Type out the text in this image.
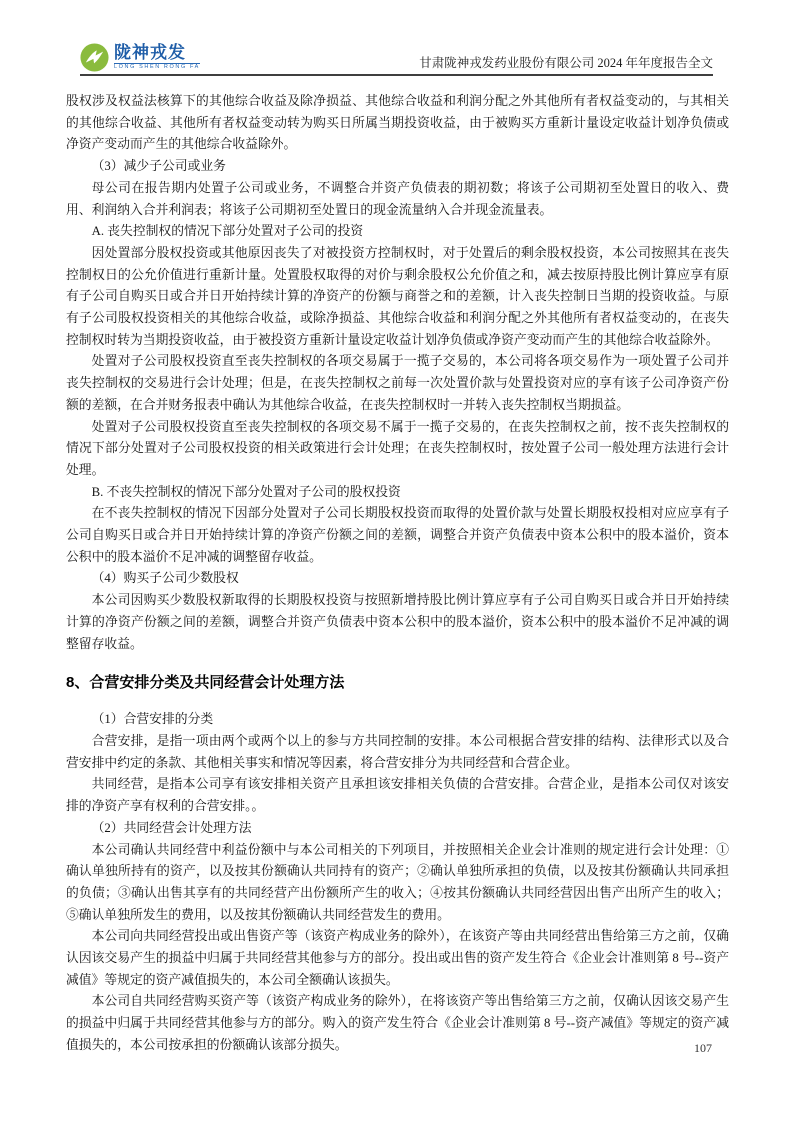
陇神戎发
LONG SHEN RONG FA	甘肃陇神戎发药业股份有限公司 2024 年年度报告全文

股权涉及权益法核算下的其他综合收益及除净损益、其他综合收益和利润分配之外其他所有者权益变动的，与其相关的其他综合收益、其他所有者权益变动转为购买日所属当期投资收益，由于被购买方重新计量设定收益计划净负债或净资产变动而产生的其他综合收益除外。

（3）减少子公司或业务

母公司在报告期内处置子公司或业务，不调整合并资产负债表的期初数；将该子公司期初至处置日的收入、费用、利润纳入合并利润表；将该子公司期初至处置日的现金流量纳入合并现金流量表。

A. 丧失控制权的情况下部分处置对子公司的投资

因处置部分股权投资或其他原因丧失了对被投资方控制权时，对于处置后的剩余股权投资，本公司按照其在丧失控制权日的公允价值进行重新计量。处置股权取得的对价与剩余股权公允价值之和，减去按原持股比例计算应享有原有子公司自购买日或合并日开始持续计算的净资产的份额与商誉之和的差额，计入丧失控制日当期的投资收益。与原有子公司股权投资相关的其他综合收益，或除净损益、其他综合收益和利润分配之外其他所有者权益变动的，在丧失控制权时转为当期投资收益，由于被投资方重新计量设定收益计划净负债或净资产变动而产生的其他综合收益除外。

处置对子公司股权投资直至丧失控制权的各项交易属于一揽子交易的，本公司将各项交易作为一项处置子公司并丧失控制权的交易进行会计处理；但是，在丧失控制权之前每一次处置价款与处置投资对应的享有该子公司净资产份额的差额，在合并财务报表中确认为其他综合收益，在丧失控制权时一并转入丧失控制权当期损益。

处置对子公司股权投资直至丧失控制权的各项交易不属于一揽子交易的，在丧失控制权之前，按不丧失控制权的情况下部分处置对子公司股权投资的相关政策进行会计处理；在丧失控制权时，按处置子公司一般处理方法进行会计处理。

B. 不丧失控制权的情况下部分处置对子公司的股权投资

在不丧失控制权的情况下因部分处置对子公司长期股权投资而取得的处置价款与处置长期股权投相对应应享有子公司自购买日或合并日开始持续计算的净资产份额之间的差额，调整合并资产负债表中资本公积中的股本溢价，资本公积中的股本溢价不足冲减的调整留存收益。

（4）购买子公司少数股权

本公司因购买少数股权新取得的长期股权投资与按照新增持股比例计算应享有子公司自购买日或合并日开始持续计算的净资产份额之间的差额，调整合并资产负债表中资本公积中的股本溢价，资本公积中的股本溢价不足冲减的调整留存收益。

8、合营安排分类及共同经营会计处理方法

（1）合营安排的分类

合营安排，是指一项由两个或两个以上的参与方共同控制的安排。本公司根据合营安排的结构、法律形式以及合营安排中约定的条款、其他相关事实和情况等因素，将合营安排分为共同经营和合营企业。

共同经营，是指本公司享有该安排相关资产且承担该安排相关负债的合营安排。合营企业，是指本公司仅对该安排的净资产享有权利的合营安排。。

（2）共同经营会计处理方法

本公司确认共同经营中利益份额中与本公司相关的下列项目，并按照相关企业会计准则的规定进行会计处理：①确认单独所持有的资产，以及按其份额确认共同持有的资产；②确认单独所承担的负债，以及按其份额确认共同承担的负债；③确认出售其享有的共同经营产出份额所产生的收入；④按其份额确认共同经营因出售产出所产生的收入；⑤确认单独所发生的费用，以及按其份额确认共同经营发生的费用。

本公司向共同经营投出或出售资产等（该资产构成业务的除外），在该资产等由共同经营出售给第三方之前，仅确认因该交易产生的损益中归属于共同经营其他参与方的部分。投出或出售的资产发生符合《企业会计准则第 8 号--资产减值》等规定的资产减值损失的，本公司全额确认该损失。

本公司自共同经营购买资产等（该资产构成业务的除外），在将该资产等出售给第三方之前，仅确认因该交易产生的损益中归属于共同经营其他参与方的部分。购入的资产发生符合《企业会计准则第 8 号--资产减值》等规定的资产减值损失的，本公司按承担的份额确认该部分损失。	107
